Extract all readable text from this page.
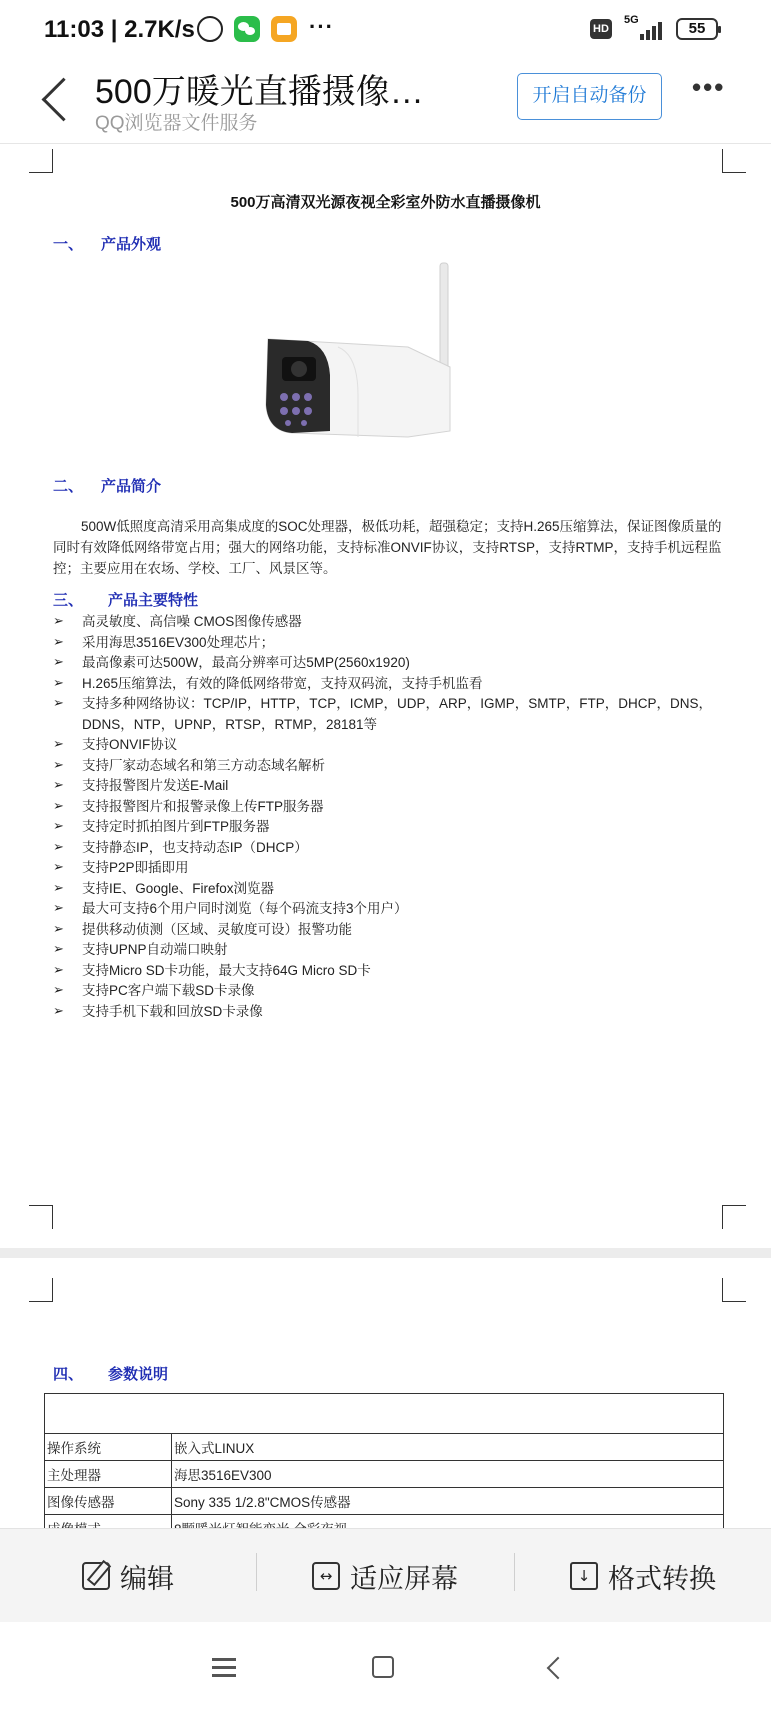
11:03 | 2.7K/s	···	HD
5G	55
500万暖光直播摄像…
QQ浏览器文件服务
开启自动备份	•••
500万高清双光源夜视全彩室外防水直播摄像机
一、 产品外观
二、 产品简介
500W低照度高清采用高集成度的SOC处理器，极低功耗，超强稳定；支持H.265压缩算法，保证图像质量的同时有效降低网络带宽占用；强大的网络功能，支持标准ONVIF协议，支持RTSP，支持RTMP，支持手机远程监控；主要应用在农场、学校、工厂、风景区等。
三、 产品主要特性
➢ 高灵敏度、高信噪 CMOS图像传感器
➢ 采用海思3516EV300处理芯片；
➢ 最高像素可达500W，最高分辨率可达5MP(2560x1920)
➢ H.265压缩算法，有效的降低网络带宽，支持双码流，支持手机监看
➢ 支持多种网络协议：TCP/IP，HTTP，TCP，ICMP，UDP，ARP，IGMP，SMTP，FTP，DHCP，DNS，DDNS，NTP，UPNP，RTSP，RTMP，28181等
➢ 支持ONVIF协议
➢ 支持厂家动态域名和第三方动态域名解析
➢ 支持报警图片发送E-Mail
➢ 支持报警图片和报警录像上传FTP服务器
➢ 支持定时抓拍图片到FTP服务器
➢ 支持静态IP，也支持动态IP（DHCP）
➢ 支持P2P即插即用
➢ 支持IE、Google、Firefox浏览器
➢ 最大可支持6个用户同时浏览（每个码流支持3个用户）
➢ 提供移动侦测（区域、灵敏度可设）报警功能
➢ 支持UPNP自动端口映射
➢ 支持Micro SD卡功能，最大支持64G Micro SD卡
➢ 支持PC客户端下载SD卡录像
➢ 支持手机下载和回放SD卡录像
四、 参数说明

操作系统	嵌入式LINUX
主处理器	海思3516EV300
图像传感器	Sony 335 1/2.8"CMOS传感器

编辑 ↔	适应屏幕 ↓	格式转换
